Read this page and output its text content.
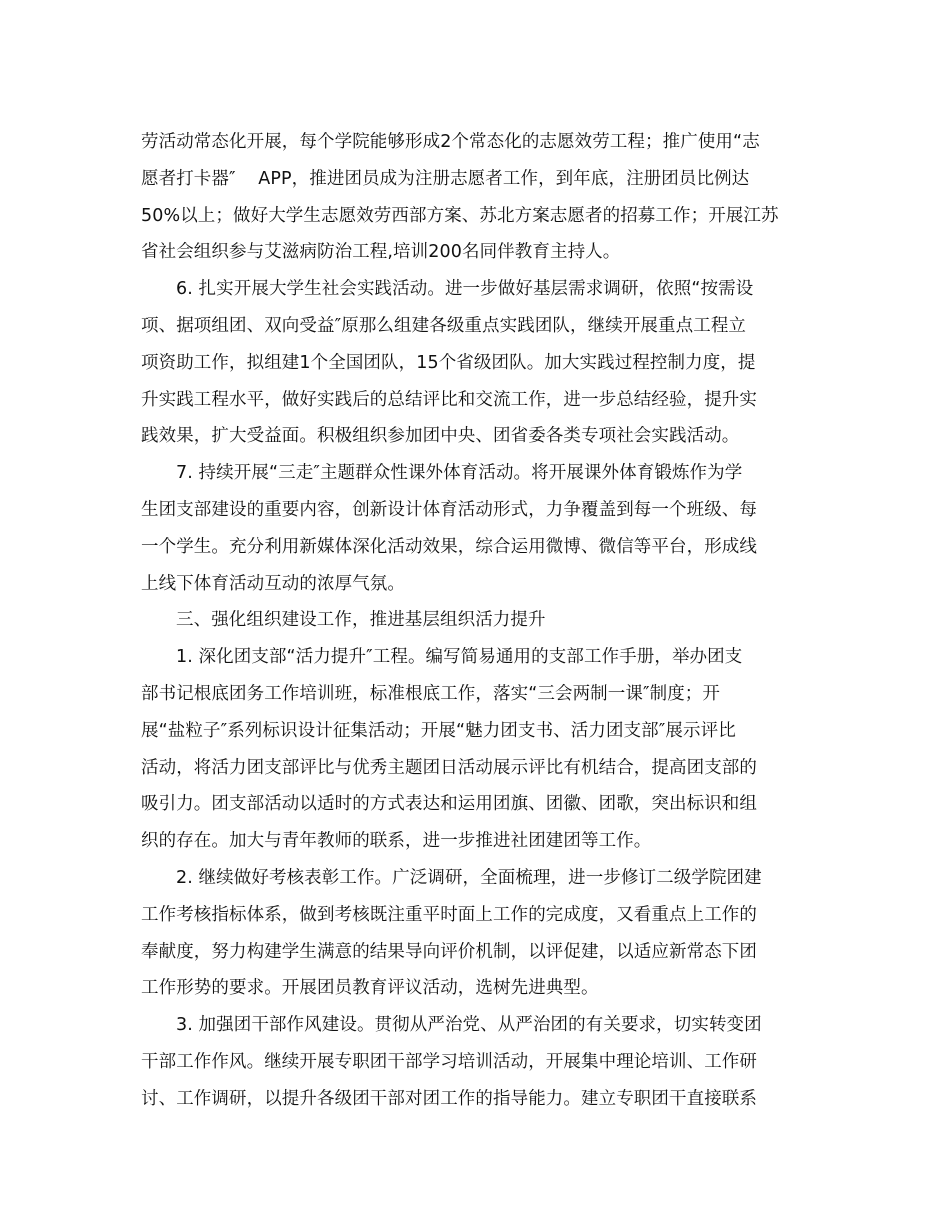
劳活动常态化开展，每个学院能够形成2个常态化的志愿效劳工程；推广使用“志
愿者打卡器″    APP，推进团员成为注册志愿者工作，到年底，注册团员比例达
50%以上；做好大学生志愿效劳西部方案、苏北方案志愿者的招募工作；开展江苏
省社会组织参与艾滋病防治工程,培训200名同伴教育主持人。
6. 扎实开展大学生社会实践活动。进一步做好基层需求调研，依照“按需设
项、据项组团、双向受益″原那么组建各级重点实践团队，继续开展重点工程立
项资助工作，拟组建1个全国团队，15个省级团队。加大实践过程控制力度，提
升实践工程水平，做好实践后的总结评比和交流工作，进一步总结经验，提升实
践效果，扩大受益面。积极组织参加团中央、团省委各类专项社会实践活动。
7. 持续开展“三走″主题群众性课外体育活动。将开展课外体育锻炼作为学
生团支部建设的重要内容，创新设计体育活动形式，力争覆盖到每一个班级、每
一个学生。充分利用新媒体深化活动效果，综合运用微博、微信等平台，形成线
上线下体育活动互动的浓厚气氛。
三、强化组织建设工作，推进基层组织活力提升
1. 深化团支部“活力提升″工程。编写简易通用的支部工作手册，举办团支
部书记根底团务工作培训班，标准根底工作，落实“三会两制一课″制度；开
展“盐粒子″系列标识设计征集活动；开展“魅力团支书、活力团支部″展示评比
活动，将活力团支部评比与优秀主题团日活动展示评比有机结合，提高团支部的
吸引力。团支部活动以适时的方式表达和运用团旗、团徽、团歌，突出标识和组
织的存在。加大与青年教师的联系，进一步推进社团建团等工作。
2. 继续做好考核表彰工作。广泛调研，全面梳理，进一步修订二级学院团建
工作考核指标体系，做到考核既注重平时面上工作的完成度，又看重点上工作的
奉献度，努力构建学生满意的结果导向评价机制，以评促建，以适应新常态下团
工作形势的要求。开展团员教育评议活动，选树先进典型。
3. 加强团干部作风建设。贯彻从严治党、从严治团的有关要求，切实转变团
干部工作作风。继续开展专职团干部学习培训活动，开展集中理论培训、工作研
讨、工作调研，以提升各级团干部对团工作的指导能力。建立专职团干直接联系
